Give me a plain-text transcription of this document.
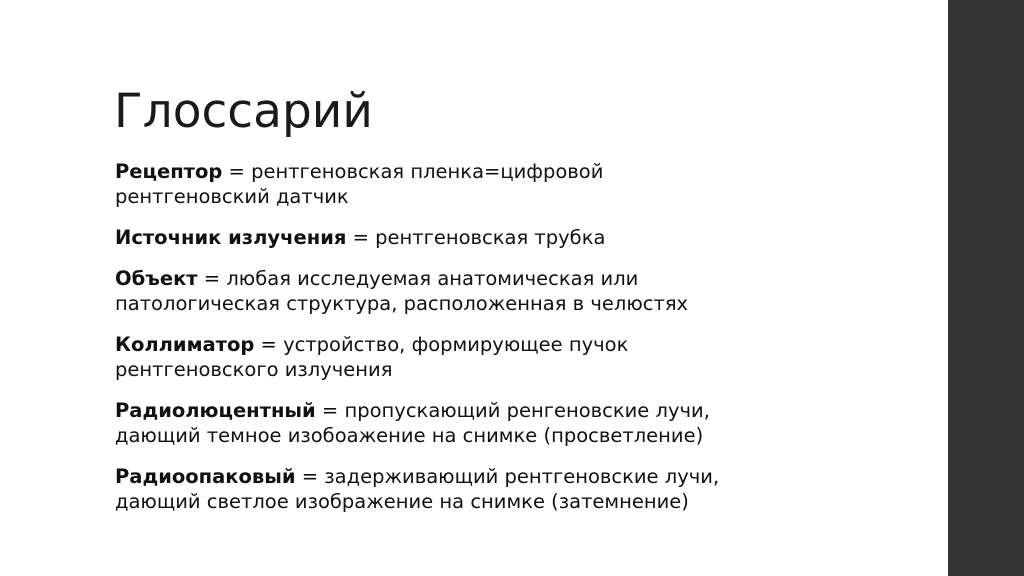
Глоссарий
Рецептор = рентгеновская пленка=цифровой
рентгеновский датчик
Источник излучения = рентгеновская трубка
Объект = любая исследуемая анатомическая или
патологическая структура, расположенная в челюстях
Коллиматор = устройство, формирующее пучок
рентгеновского излучения
Радиолюцентный = пропускающий ренгеновские лучи,
дающий темное изобоажение на снимке (просветление)
Радиоопаковый = задерживающий рентгеновские лучи,
дающий светлое изображение на снимке (затемнение)
